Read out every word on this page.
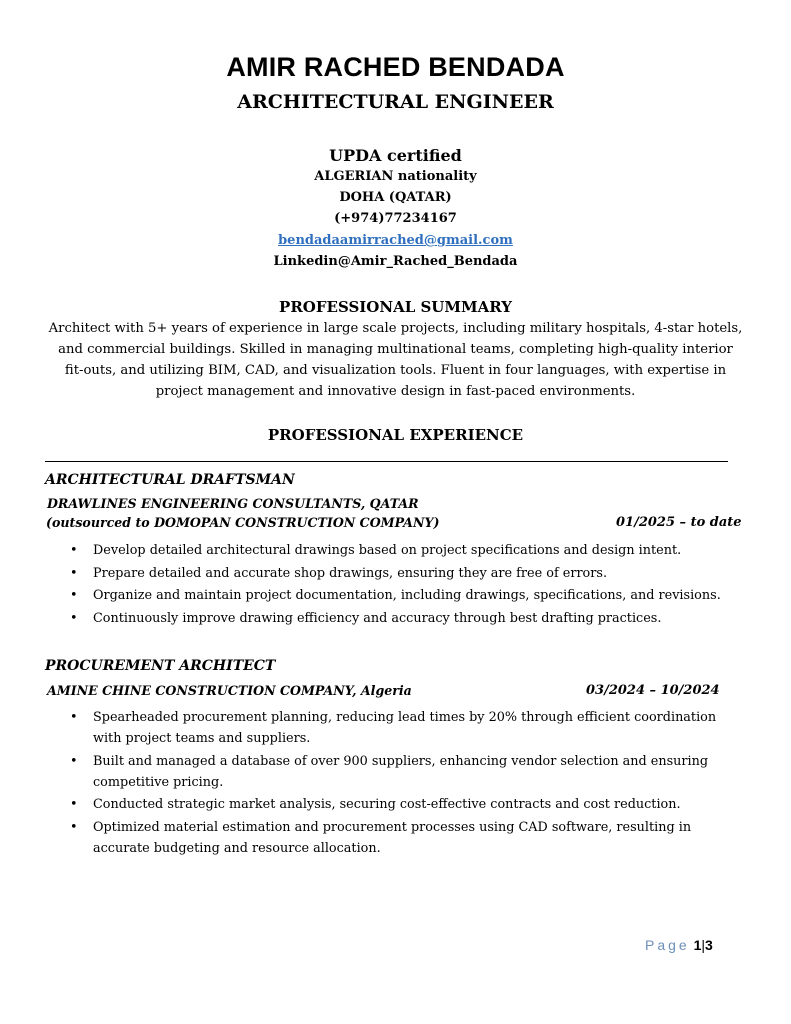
AMIR RACHED BENDADA
ARCHITECTURAL ENGINEER
UPDA certified
ALGERIAN nationality
DOHA (QATAR)
(+974)77234167
bendadaamirrached@gmail.com
Linkedin@Amir_Rached_Bendada
PROFESSIONAL SUMMARY
Architect with 5+ years of experience in large scale projects, including military hospitals, 4-star hotels, and commercial buildings. Skilled in managing multinational teams, completing high-quality interior fit-outs, and utilizing BIM, CAD, and visualization tools. Fluent in four languages, with expertise in project management and innovative design in fast-paced environments.
PROFESSIONAL EXPERIENCE
ARCHITECTURAL DRAFTSMAN
DRAWLINES ENGINEERING CONSULTANTS, QATAR
(outsourced to DOMOPAN CONSTRUCTION COMPANY)	01/2025 – to date
• Develop detailed architectural drawings based on project specifications and design intent.
• Prepare detailed and accurate shop drawings, ensuring they are free of errors.
• Organize and maintain project documentation, including drawings, specifications, and revisions.
• Continuously improve drawing efficiency and accuracy through best drafting practices.
PROCUREMENT ARCHITECT
AMINE CHINE CONSTRUCTION COMPANY, Algeria	03/2024 – 10/2024
• Spearheaded procurement planning, reducing lead times by 20% through efficient coordination with project teams and suppliers.
• Built and managed a database of over 900 suppliers, enhancing vendor selection and ensuring competitive pricing.
• Conducted strategic market analysis, securing cost-effective contracts and cost reduction.
• Optimized material estimation and procurement processes using CAD software, resulting in accurate budgeting and resource allocation.
Page 1|3
